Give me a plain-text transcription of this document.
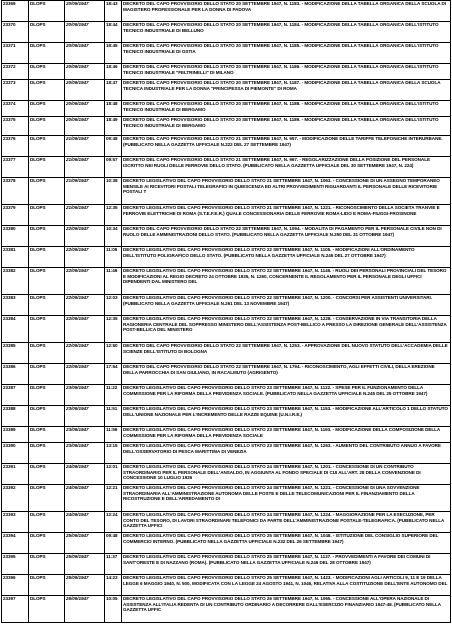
23369	DLOPS	20/09/1947	18:43	DECRETO DEL CAPO PROVVISORIO DELLO STATO 20 SETTEMBRE 1947, N. 1183. - MODIFICAZIONE DELLA TABELLA ORGANICA DELLA SCUOLA DI MAGISTERO PROFESSIONALE PER LA DONNA DI PADOVA
23370	DLOPS	20/09/1947	18:44	DECRETO DEL CAPO PROVVISORIO DELLO STATO 20 SETTEMBRE 1947, N. 1184. - MODIFICAZIONE DELLA TABELLA ORGANICA DELL'ISTITUTO TECNICO INDUSTRIALE DI BELLUNO
23371	DLOPS	20/09/1947	18:45	DECRETO DEL CAPO PROVVISORIO DELLO STATO 20 SETTEMBRE 1947, N. 1185. - MODIFICAZIONE DELLA TABELLA ORGANICA DELL'ISTITUTO TECNICO INDUSTRIALE DI OSTIA
23372	DLOPS	20/09/1947	18:46	DECRETO DEL CAPO PROVVISORIO DELLO STATO 20 SETTEMBRE 1947, N. 1186. - MODIFICAZIONE DELLA TABELLA ORGANICA DELL'ISTITUTO TECNICO INDUSTRIALE "FELTRINELLI" DI MILANO
23373	DLOPS	20/09/1947	18:47	DECRETO DEL CAPO PROVVISORIO DELLO STATO 20 SETTEMBRE 1947, N. 1187. - MODIFICAZIONE DELLA TABELLA ORGANICA DELLA SCUOLA TECNICA INDUSTRIALE PER LA DONNA "PRINCIPESSA DI PIEMONTE" DI ROMA
23374	DLOPS	20/09/1947	18:48	DECRETO DEL CAPO PROVVISORIO DELLO STATO 20 SETTEMBRE 1947, N. 1188. - MODIFICAZIONE DELLA TABELLA ORGANICA DELL'ISTITUTO TECNICO INDUSTRIALE DI BERGAMO
23375	DLOPS	20/09/1947	18:49	DECRETO DEL CAPO PROVVISORIO DELLO STATO 20 SETTEMBRE 1947, N. 1189. - MODIFICAZIONE DELLA TABELLA ORGANICA DELL'ISTITUTO TECNICO INDUSTRIALE DI BERGAMO
23376	DLOPS	21/09/1947	09:48	DECRETO DEL CAPO PROVVISORIO DELLO STATO 21 SETTEMBRE 1947, N. 957. - MODIFICAZIONE DELLE TARIFFE TELEFONICHE INTERURBANE. (PUBBLICATO NELLA GAZZETTA UFFICIALE N.222 DEL 27 SETTEMBRE 1947)
23377	DLOPS	21/09/1947	09:57	DECRETO DEL CAPO PROVVISORIO DELLO STATO 21 SETTEMBRE 1947, N. 967. - REGOLARIZZAZIONE DELLA POSIZIONE DEL PERSONALE ISCRITTO NEI RUOLI DELLE FERROVIE DELLO STATO. (PUBBLICATO NELLA GAZZETTA UFFICIALE DEL 30 SETTEMBRE 1947, N. 224)
23378	DLOPS	21/09/1947	10:38	DECRETO LEGISLATIVO DEL CAPO PROVVISORIO DELLO STATO 21 SETTEMBRE 1947, N. 1063. - CONCESSIONE DI UN ASSEGNO TEMPORANEO MENSILE AI RICEVITORI POSTALI TELEGRAFICI IN QUIESCENZA ED ALTRI PROVVEDIMENTI RIGUARDANTI IL PERSONALE DELLE RICEVITORIE POSTALI T
23379	DLOPS	21/09/1947	12:35	DECRETO LEGISLATIVO DEL CAPO PROVVISORIO DELLO STATO 21 SETTEMBRE 1947, N. 1221. - RICONOSCIMENTO DELLA SOCIETA TRANVIE E FERROVIE ELETTRICHE DI ROMA (S.T.E.F.E.R.) QUALE CONCESSIONARIA DELLE FERROVIE ROMA-LIDO E ROMA-FIUGGI-FROSINONE
23380	DLOPS	22/09/1947	10:34	DECRETO DEL CAPO PROVVISORIO DELLO STATO 22 SETTEMBRE 1947, N. 1094. - MODALITA DI PAGAMENTO PER IL PERSONALE CIVILE NON DI RUOLO DELLE AMMINISTRAZIONI DELLO STATO. (PUBBLICATO NELLA GAZZETTA UFFICIALE N.250 DEL 31 OTTOBRE 1947)
23381	DLOPS	22/09/1947	11:05	DECRETO LEGISLATIVO DEL CAPO PROVVISORIO DELLO STATO 22 SETTEMBRE 1947, N. 1105. - MODIFICAZIONI ALL'ORDINAMENTO DELL'ISTITUTO POLIGRAFICO DELLO STATO. (PUBBLICATO NELLA GAZZETTA UFFICIALE N.246 DEL 27 OTTOBRE 1947)
23382	DLOPS	22/09/1947	11:46	DECRETO LEGISLATIVO DEL CAPO PROVVISORIO DELLO STATO 22 SETTEMBRE 1947, N. 1146. - RUOLI DEI PERSONALI PROVINCIALI DEL TESORO E MODIFICAZIONI AL REGIO DECRETO 24 OTTOBRE 1935, N. 1260, CONCERNENTE IL REGOLAMENTO PER IL PERSONALE DEGLI UFFICI DIPENDENTI DAL MINISTERO DEL
23383	DLOPS	22/09/1947	12:03	DECRETO LEGISLATIVO DEL CAPO PROVVISORIO DELLO STATO 22 SETTEMBRE 1947, N. 1200. - CONCORSI PER ASSISTENTI UNIVERSITARI. (PUBBLICATO NELLA GAZZETTA UFFICIALE N.261 DEL 13 NOVEMBRE 1947)
23384	DLOPS	22/09/1947	12:35	DECRETO LEGISLATIVO DEL CAPO PROVVISORIO DELLO STATO 22 SETTEMBRE 1947, N. 1228. - CONSERVAZIONE IN VIA TRANSITORIA DELLA RAGIONERIA CENTRALE DEL SOPPRESSO MINISTERO DELL'ASSISTENZA POST-BELLICO A PRESSO LA DIREZIONE GENERALE DELL'ASSISTENZA POST-BELLICA DEL MINISTERO
23385	DLOPS	22/09/1947	12:50	DECRETO DEL CAPO PROVVISORIO DELLO STATO 22 SETTEMBRE 1947, N. 1253. - APPROVAZIONE DEL NUOVO STATUTO DELL'ACCADEMIA DELLE SCIENZE DELL'ISTITUTO DI BOLOGNA
23386	DLOPS	22/09/1947	17:54	DECRETO DEL CAPO PROVVISORIO DELLO STATO 22 SETTEMBRE 1947, N. 1794. - RICONOSCIMENTO, AGLI EFFETTI CIVILI, DELLA EREZIONE DELLA PARROCCHIA DI SAN GIULIANO, IN RACALMUTO (AGRIGENTO)
23387	DLOPS	23/09/1947	11:22	DECRETO LEGISLATIVO DEL CAPO PROVVISORIO DELLO STATO 23 SETTEMBRE 1947, N. 1122. - SPESE PER IL FUNZIONAMENTO DELLA COMMISSIONE PER LA RIFORMA DELLA PREVIDENZA SOCIALE. (PUBBLICATO NELLA GAZZETTA UFFICIALE N.245 DEL 25 OTTOBRE 1947)
23388	DLOPS	23/09/1947	11:51	DECRETO LEGISLATIVO DEL CAPO PROVVISORIO DELLO STATO 23 SETTEMBRE 1947, N. 1153. - MODIFICAZIONE ALL'ARTICOLO 1 DELLO STATUTO DELL'UNIONE NAZIONALE PER L'INCREMENTO DELLE RAZZE EQUINE (U.N.I.R.E.)
23389	DLOPS	23/09/1947	11:59	DECRETO LEGISLATIVO DEL CAPO PROVVISORIO DELLO STATO 23 SETTEMBRE 1947, N. 1193. - MODIFICAZIONE DELLA COMPOSIZIONE DELLA COMMISSIONE PER LA RIFORMA DELLA PREVIDENZA SOCIALE
23390	DLOPS	23/09/1947	13:15	DECRETO LEGISLATIVO DEL CAPO PROVVISORIO DELLO STATO 23 SETTEMBRE 1947, N. 1263. - AUMENTO DEL CONTRIBUTO ANNUO A FAVORE DELL'OSSERVATORIO DI PESCA MARITTIMA DI VENEZIA
23391	DLOPS	24/09/1947	12:01	DECRETO LEGISLATIVO DEL CAPO PROVVISORIO DELLO STATO 24 SETTEMBRE 1947, N. 1201. - CONCESSIONE DI UN CONTRIBUTO STRAORDINARIO PER IL PERSONALE DELL'ANSALDO, IN AGGIUNTA AL FONDO SPECIALE DI CUI ALL'ART. 28 DELLA CONVENZIONE DI CONCESSIONE 10 LUGLIO 1926
23392	DLOPS	24/09/1947	12:21	DECRETO LEGISLATIVO DEL CAPO PROVVISORIO DELLO STATO 24 SETTEMBRE 1947, N. 1221. - CONCESSIONE DI UNA SOVVENZIONE STRAORDINARIA ALL'AMMINISTRAZIONE AUTONOMA DELLE POSTE E DELLE TELECOMUNICAZIONI PER IL FINANZIAMENTO DELLA RICOSTRUZIONE E DELL'ARREDAMENTO DI
23393	DLOPS	24/09/1947	12:24	DECRETO LEGISLATIVO DEL CAPO PROVVISORIO DELLO STATO 24 SETTEMBRE 1947, N. 1224. - MAGGIORAZIONE PER LA ESECUZIONE, PER CONTO DEL TESORO, DI LAVORI STRAORDINARI TELEFONICI DA PARTE DELL'AMMINISTRAZIONE POSTALE-TELEGRAFICA. (PUBBLICATO NELLA GAZZETTA UFFICI
23394	DLOPS	25/09/1947	09:48	DECRETO LEGISLATIVO DEL CAPO PROVVISORIO DELLO STATO 25 SETTEMBRE 1947, N. 1048. - ISTITUZIONE DEL CONSIGLIO SUPERIORE DEL COMMERCIO INTERNO. (PUBBLICATO NELLA GAZZETTA UFFICIALE N.232 DEL 26 SETTEMBRE 1947)
23395	DLOPS	25/09/1947	11:37	DECRETO LEGISLATIVO DEL CAPO PROVVISORIO DELLO STATO 25 SETTEMBRE 1947, N. 1137. - PROVVEDIMENTI A FAVORE DEI COMUNI DI SANT'ORESTE E DI NAZZANO (ROMA). (PUBBLICATO NELLA GAZZETTA UFFICIALE N.246 DEL 28 OTTOBRE 1947)
23396	DLOPS	25/09/1947	14:23	DECRETO LEGISLATIVO DEL CAPO PROVVISORIO DELLO STATO 25 SETTEMBRE 1947, N. 1423. - MODIFICAZIONI AGLI ARTICOLI 9, 11 E 19 DELLA LEGGE 6 MAGGIO 1940, N. 500, MODIFICATA CON LA LEGGE 24 AGOSTO 1941, N. 1046, RELATIVA ALLA COSTITUZIONE DELL'ENTE AUTONOMO DEL
23397	DLOPS	26/09/1947	10:05	DECRETO LEGISLATIVO DEL CAPO PROVVISORIO DELLO STATO 26 SETTEMBRE 1947, N. 1065. - CONCESSIONE ALL'OPERA NAZIONALE DI ASSISTENZA ALL'ITALIA REDENTA DI UN CONTRIBUTO ORDINARIO A DECORRERE DALL'ESERCIZIO FINANZIARIO 1947-48. (PUBBLICATO NELLA GAZZETTA UFFIC
